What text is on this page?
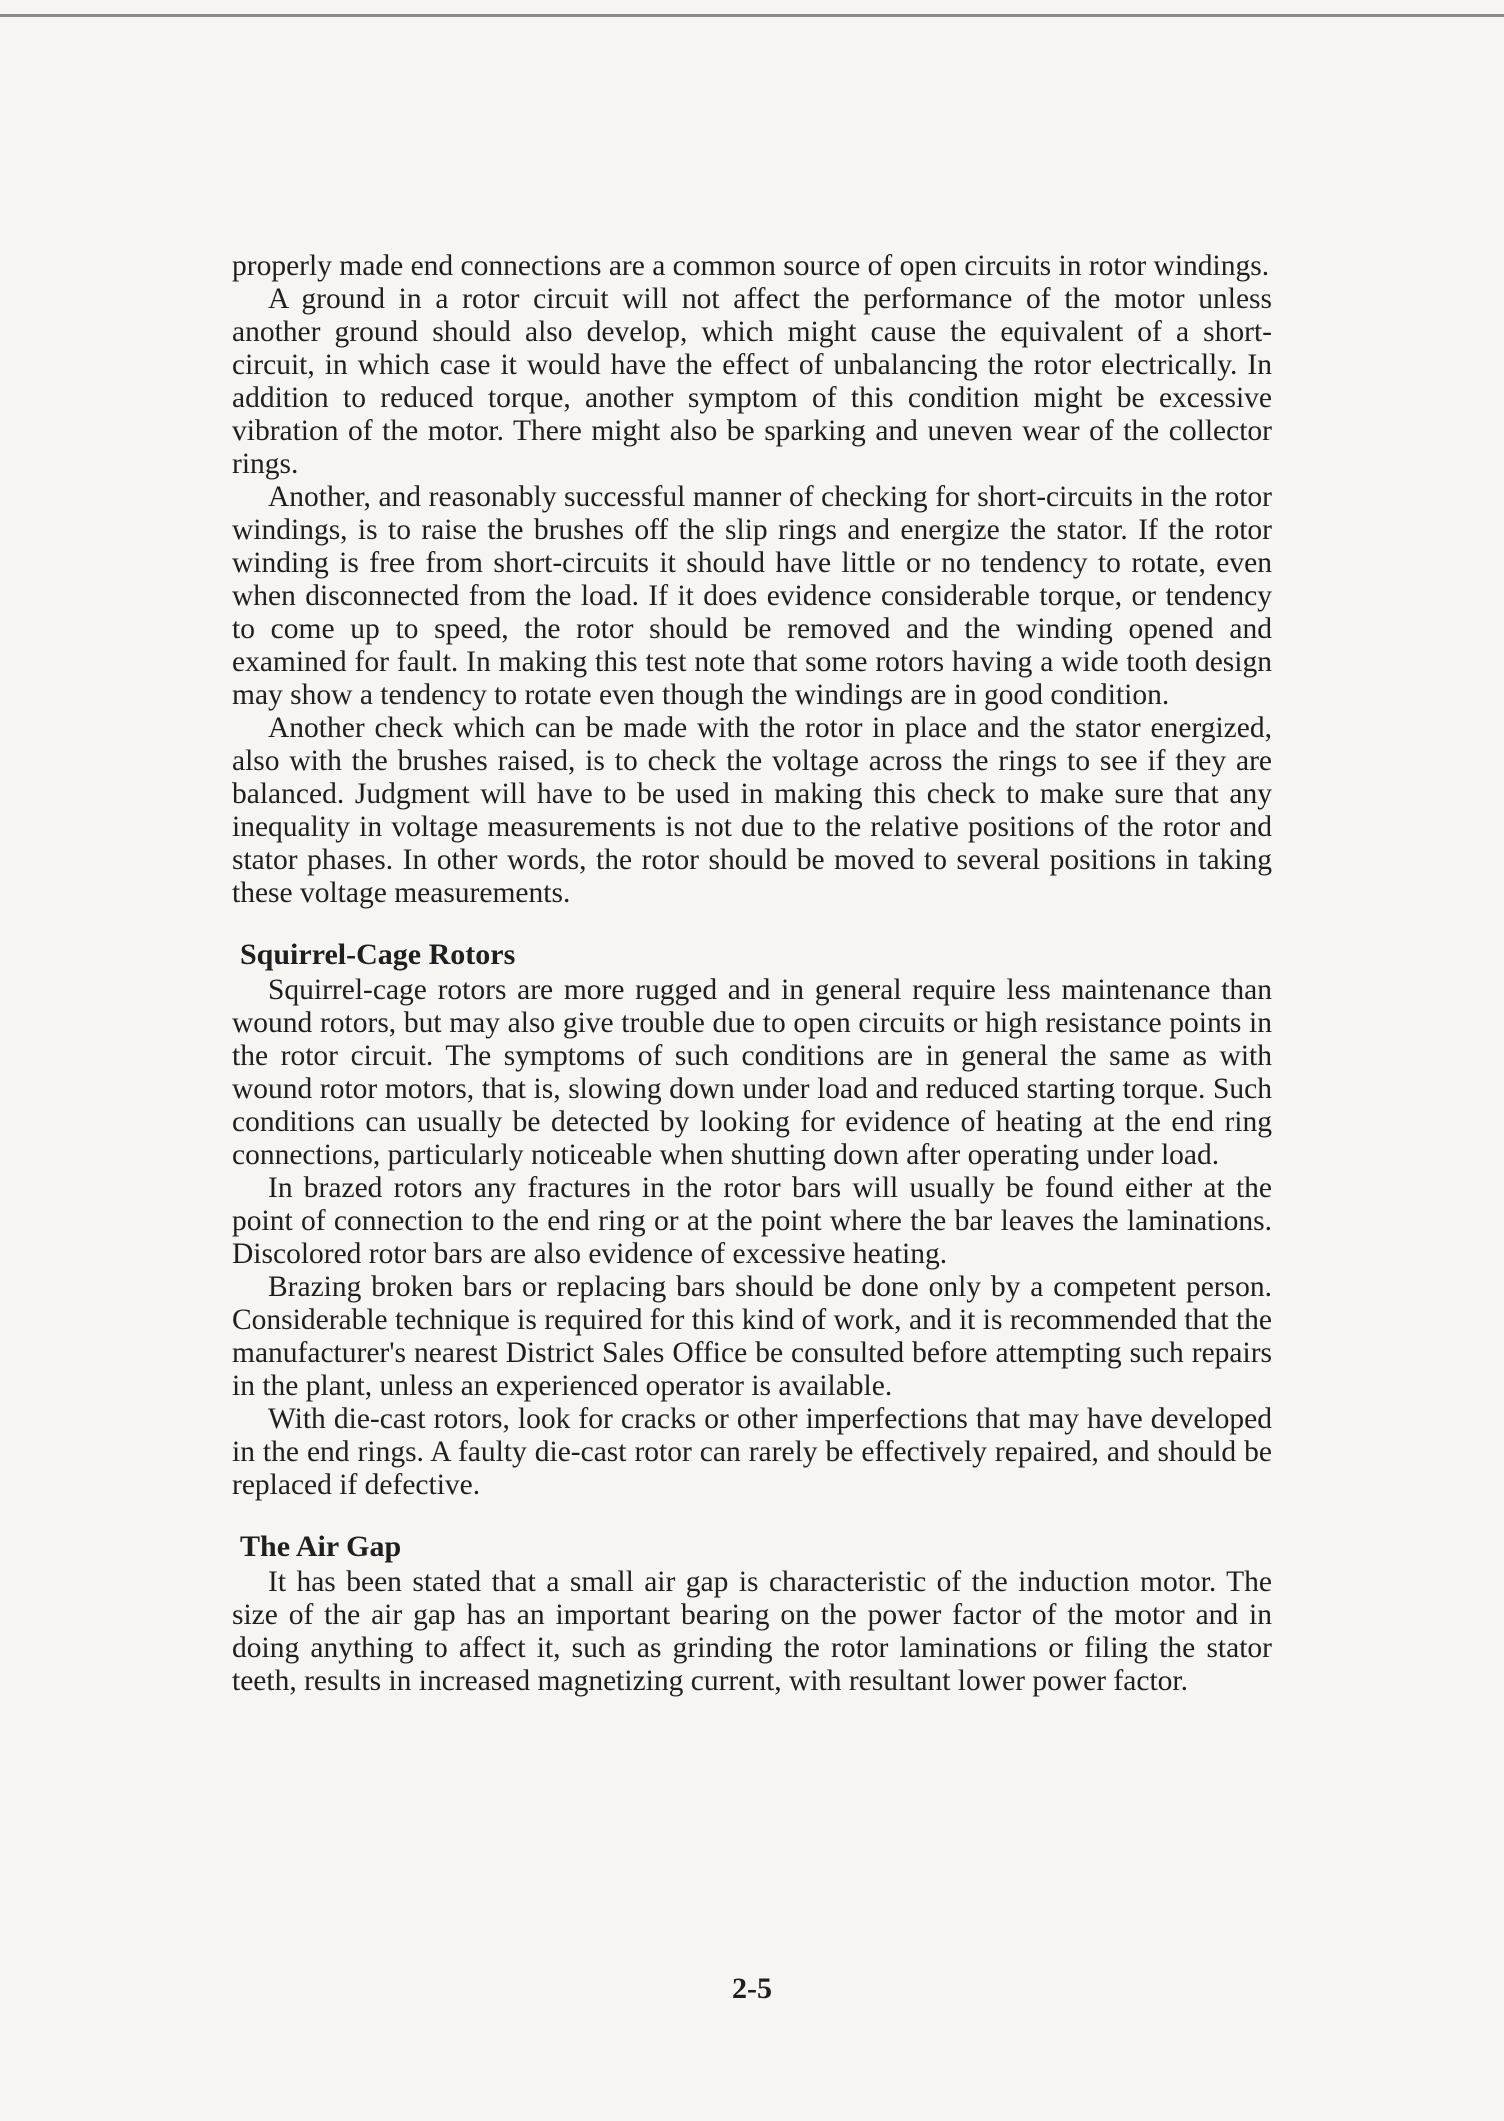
properly made end connections are a common source of open circuits in rotor windings.

A ground in a rotor circuit will not affect the performance of the motor unless another ground should also develop, which might cause the equivalent of a short-circuit, in which case it would have the effect of unbalancing the rotor electrically. In addition to reduced torque, another symptom of this condition might be excessive vibration of the motor. There might also be sparking and uneven wear of the collector rings.

Another, and reasonably successful manner of checking for short-circuits in the rotor windings, is to raise the brushes off the slip rings and energize the stator. If the rotor winding is free from short-circuits it should have little or no tendency to rotate, even when disconnected from the load. If it does evidence considerable torque, or tendency to come up to speed, the rotor should be removed and the winding opened and examined for fault. In making this test note that some rotors having a wide tooth design may show a tendency to rotate even though the windings are in good condition.

Another check which can be made with the rotor in place and the stator energized, also with the brushes raised, is to check the voltage across the rings to see if they are balanced. Judgment will have to be used in making this check to make sure that any inequality in voltage measurements is not due to the relative positions of the rotor and stator phases. In other words, the rotor should be moved to several positions in taking these voltage measurements.

Squirrel-Cage Rotors

Squirrel-cage rotors are more rugged and in general require less maintenance than wound rotors, but may also give trouble due to open circuits or high resistance points in the rotor circuit. The symptoms of such conditions are in general the same as with wound rotor motors, that is, slowing down under load and reduced starting torque. Such conditions can usually be detected by looking for evidence of heating at the end ring connections, particularly noticeable when shutting down after operating under load.

In brazed rotors any fractures in the rotor bars will usually be found either at the point of connection to the end ring or at the point where the bar leaves the laminations. Discolored rotor bars are also evidence of excessive heating.

Brazing broken bars or replacing bars should be done only by a competent person. Considerable technique is required for this kind of work, and it is recommended that the manufacturer's nearest District Sales Office be consulted before attempting such repairs in the plant, unless an experienced operator is available.

With die-cast rotors, look for cracks or other imperfections that may have developed in the end rings. A faulty die-cast rotor can rarely be effectively repaired, and should be replaced if defective.

The Air Gap

It has been stated that a small air gap is characteristic of the induction motor. The size of the air gap has an important bearing on the power factor of the motor and in doing anything to affect it, such as grinding the rotor laminations or filing the stator teeth, results in increased magnetizing current, with resultant lower power factor.

2-5
